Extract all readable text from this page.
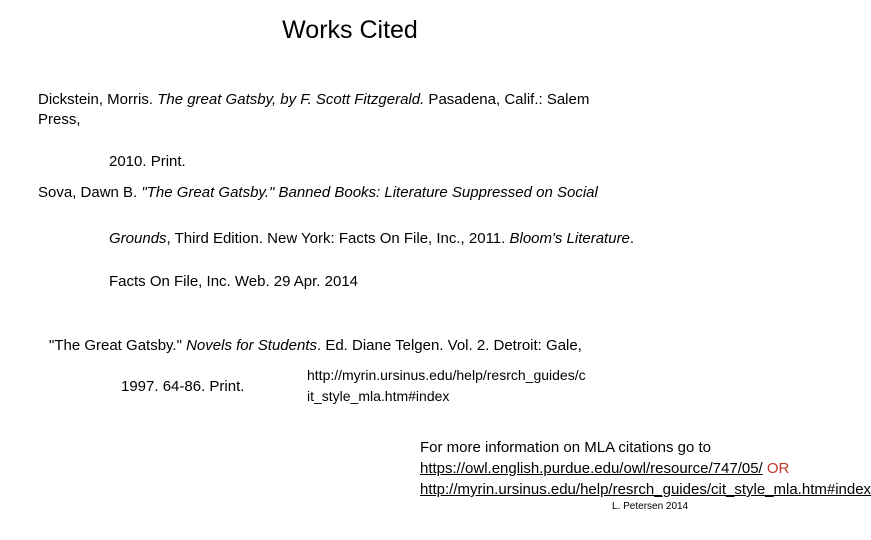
Works Cited
Dickstein, Morris. The great Gatsby, by F. Scott Fitzgerald. Pasadena, Calif.: Salem
Press,
2010. Print.
Sova, Dawn B. "The Great Gatsby." Banned Books: Literature Suppressed on Social
Grounds, Third Edition. New York: Facts On File, Inc., 2011. Bloom's Literature.
Facts On File, Inc. Web. 29 Apr. 2014
"The Great Gatsby." Novels for Students. Ed. Diane Telgen. Vol. 2. Detroit: Gale,
1997. 64-86. Print.
http://myrin.ursinus.edu/help/resrch_guides/c
it_style_mla.htm#index
For more information on MLA citations go to
https://owl.english.purdue.edu/owl/resource/747/05/ OR
http://myrin.ursinus.edu/help/resrch_guides/cit_style_mla.htm#index
L. Petersen 2014
